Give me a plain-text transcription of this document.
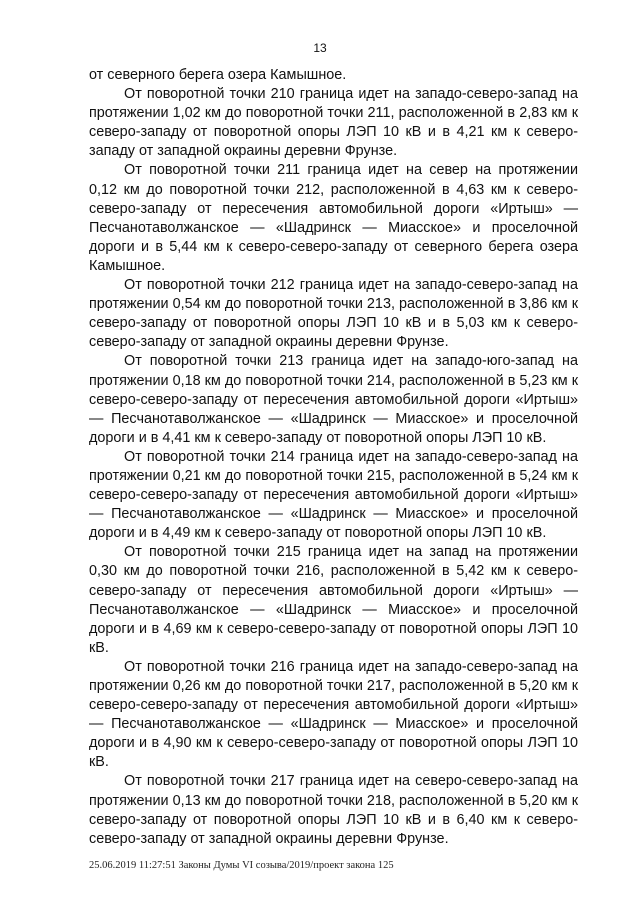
13

от северного берега озера Камышное.

От поворотной точки 210 граница идет на западо-северо-запад на протяжении 1,02 км до поворотной точки 211, расположенной в 2,83 км к северо-западу от поворотной опоры ЛЭП 10 кВ и в 4,21 км к северо-западу от западной окраины деревни Фрунзе.

От поворотной точки 211 граница идет на север на протяжении 0,12 км до поворотной точки 212, расположенной в 4,63 км к северо-северо-западу от пересечения автомобильной дороги «Иртыш» — Песчанотаволжанское — «Шадринск — Миасское» и проселочной дороги и в 5,44 км к северо-северо-западу от северного берега озера Камышное.

От поворотной точки 212 граница идет на западо-северо-запад на протяжении 0,54 км до поворотной точки 213, расположенной в 3,86 км к северо-западу от поворотной опоры ЛЭП 10 кВ и в 5,03 км к северо-северо-западу от западной окраины деревни Фрунзе.

От поворотной точки 213 граница идет на западо-юго-запад на протяжении 0,18 км до поворотной точки 214, расположенной в 5,23 км к северо-северо-западу от пересечения автомобильной дороги «Иртыш» — Песчанотаволжанское — «Шадринск — Миасское» и проселочной дороги и в 4,41 км к северо-западу от поворотной опоры ЛЭП 10 кВ.

От поворотной точки 214 граница идет на западо-северо-запад на протяжении 0,21 км до поворотной точки 215, расположенной в 5,24 км к северо-северо-западу от пересечения автомобильной дороги «Иртыш» — Песчанотаволжанское — «Шадринск — Миасское» и проселочной дороги и в 4,49 км к северо-западу от поворотной опоры ЛЭП 10 кВ.

От поворотной точки 215 граница идет на запад на протяжении 0,30 км до поворотной точки 216, расположенной в 5,42 км к северо-северо-западу от пересечения автомобильной дороги «Иртыш» — Песчанотаволжанское — «Шадринск — Миасское» и проселочной дороги и в 4,69 км к северо-северо-западу от поворотной опоры ЛЭП 10 кВ.

От поворотной точки 216 граница идет на западо-северо-запад на протяжении 0,26 км до поворотной точки 217, расположенной в 5,20 км к северо-северо-западу от пересечения автомобильной дороги «Иртыш» — Песчанотаволжанское — «Шадринск — Миасское» и проселочной дороги и в 4,90 км к северо-северо-западу от поворотной опоры ЛЭП 10 кВ.

От поворотной точки 217 граница идет на северо-северо-запад на протяжении 0,13 км до поворотной точки 218, расположенной в 5,20 км к северо-западу от поворотной опоры ЛЭП 10 кВ и в 6,40 км к северо-северо-западу от западной окраины деревни Фрунзе.

25.06.2019 11:27:51 Законы Думы VI созыва/2019/проект закона 125
